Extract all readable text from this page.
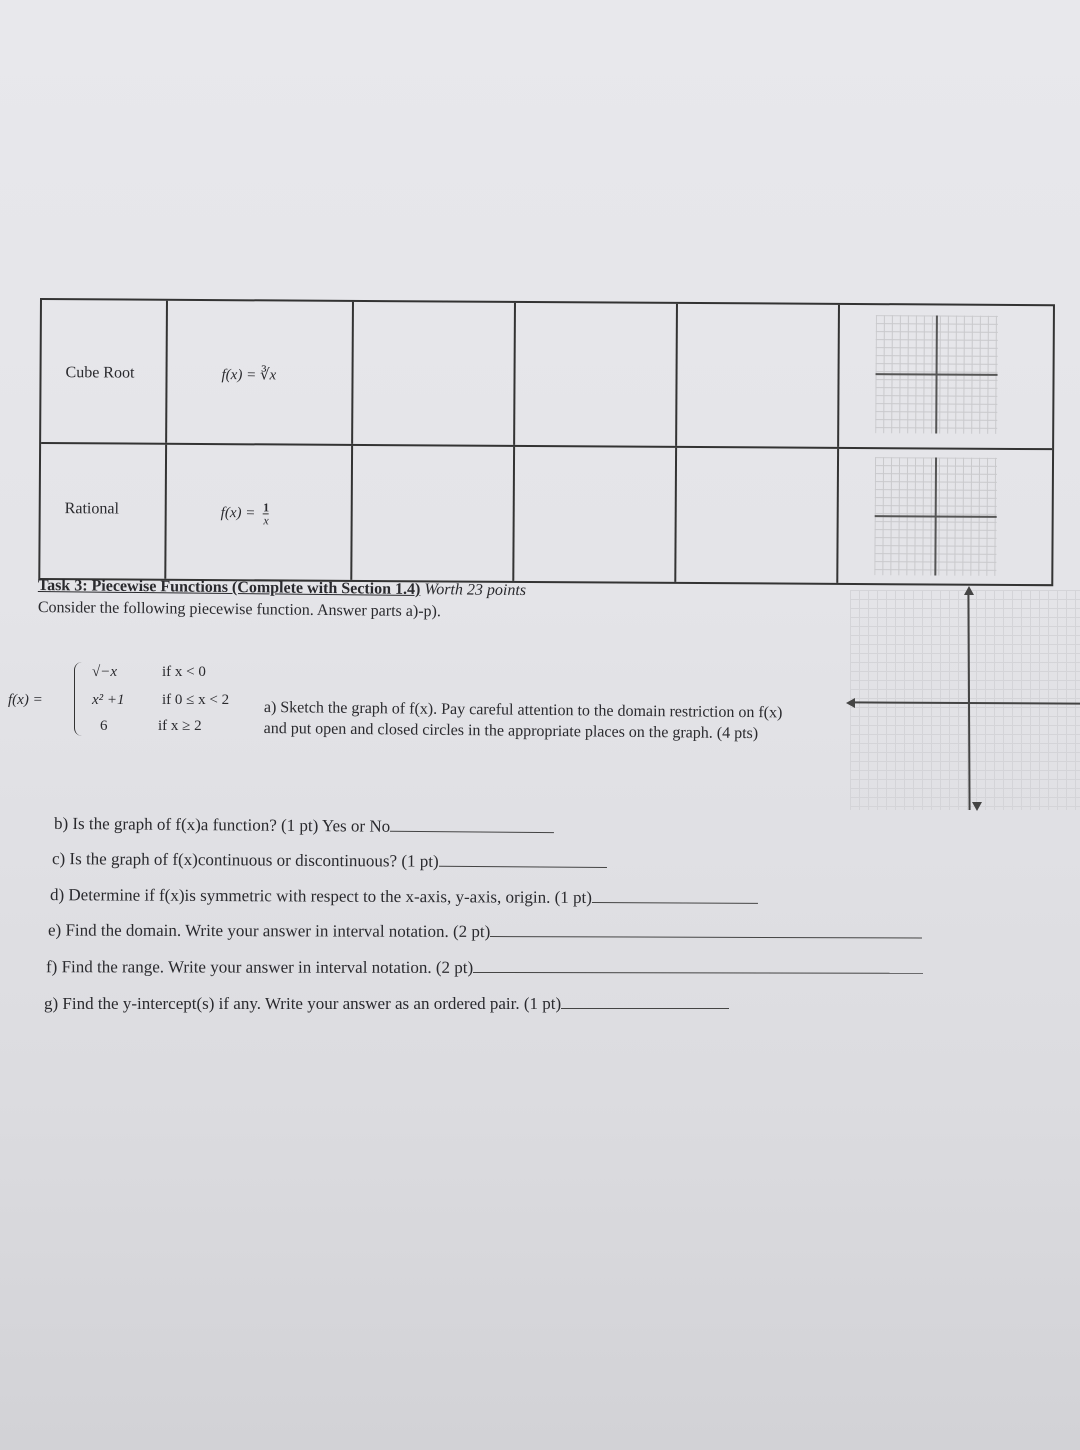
Cube Root	f(x) = ∛x
Rational	$f(x) = \frac{1}{x}$
Task 3: Piecewise Functions (Complete with Section 1.4) Worth 23 points
Consider the following piecewise function. Answer parts a)-p).
f(x) =
√−x	if x < 0
x² +1 if 0 ≤ x < 2
6	if x ≥ 2
a) Sketch the graph of f(x). Pay careful attention to the domain restriction on f(x) and put open and closed circles in the appropriate places on the graph. (4 pts)
b) Is the graph of f(x)a function? (1 pt) Yes or No
c) Is the graph of f(x)continuous or discontinuous? (1 pt)
d) Determine if f(x)is symmetric with respect to the x-axis, y-axis, origin. (1 pt)
e) Find the domain. Write your answer in interval notation. (2 pt)
f) Find the range. Write your answer in interval notation. (2 pt)
g) Find the y-intercept(s) if any. Write your answer as an ordered pair. (1 pt)
